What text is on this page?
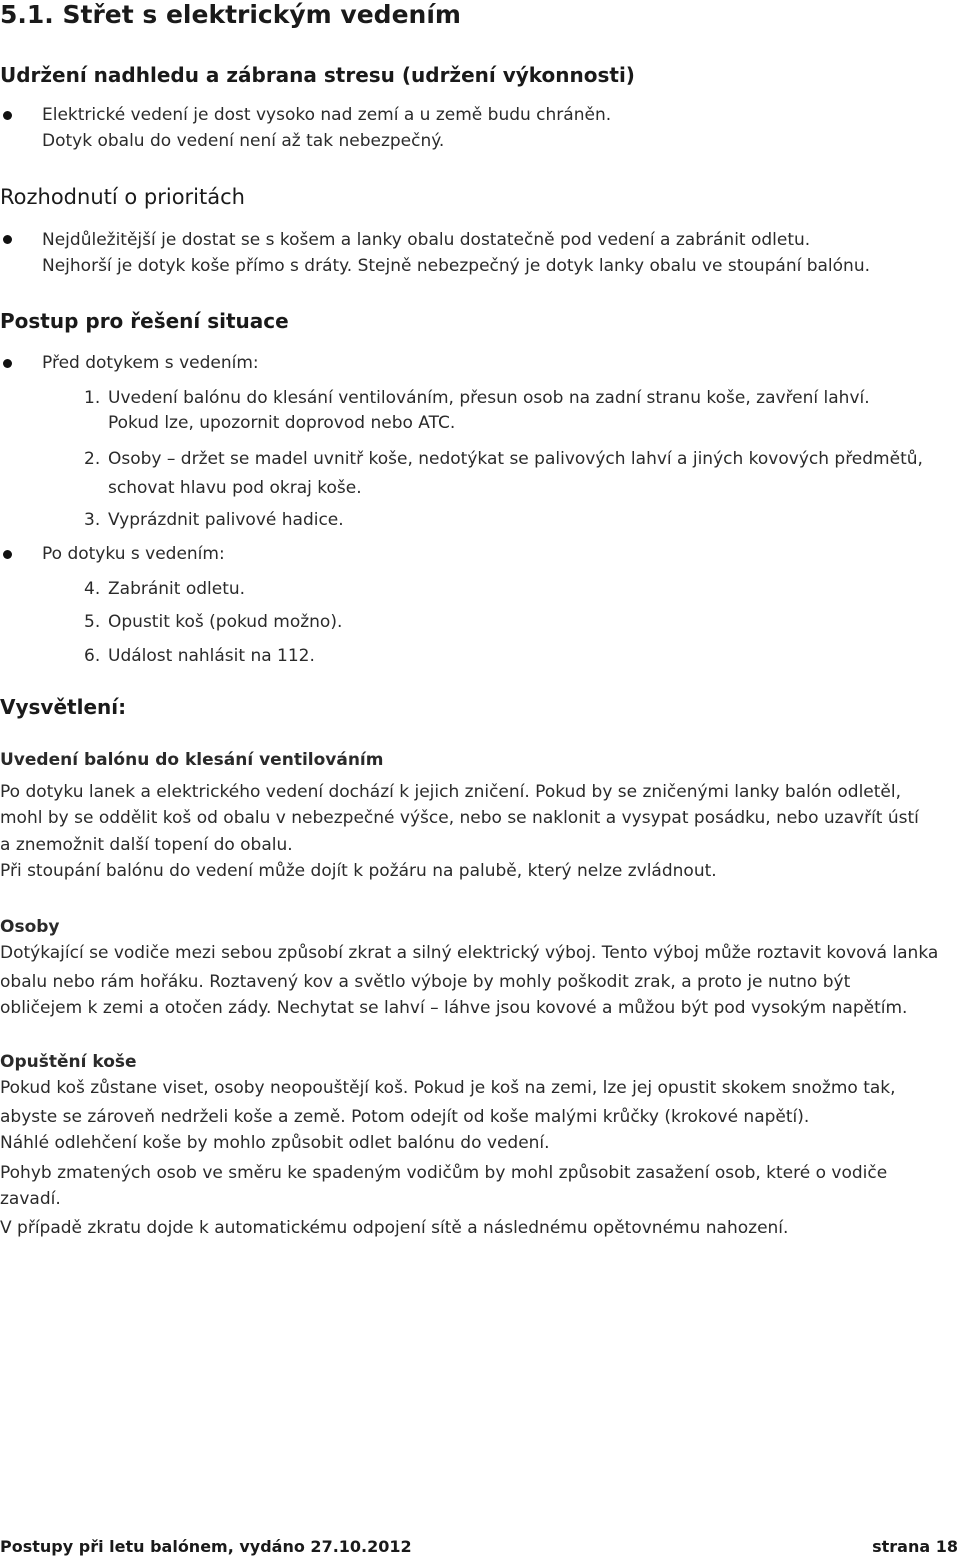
5.1. Střet s elektrickým vedením
Udržení nadhledu a zábrana stresu (udržení výkonnosti)
Elektrické vedení je dost vysoko nad zemí a u země budu chráněn.
Dotyk obalu do vedení není až tak nebezpečný.
Rozhodnutí o prioritách
Nejdůležitější je dostat se s košem a lanky obalu dostatečně pod vedení a zabránit odletu.
Nejhorší je dotyk koše přímo s dráty. Stejně nebezpečný je dotyk lanky obalu ve stoupání balónu.
Postup pro řešení situace
Před dotykem s vedením:
1. Uvedení balónu do klesání ventilováním, přesun osob na zadní stranu koše, zavření lahví.
Pokud lze, upozornit doprovod nebo ATC.
2. Osoby – držet se madel uvnitř koše, nedotýkat se palivových lahví a jiných kovových předmětů,
schovat hlavu pod okraj koše.
3. Vyprázdnit palivové hadice.
Po dotyku s vedením:
4. Zabránit odletu.
5. Opustit koš (pokud možno).
6. Událost nahlásit na 112.
Vysvětlení:
Uvedení balónu do klesání ventilováním
Po dotyku lanek a elektrického vedení dochází k jejich zničení. Pokud by se zničenými lanky balón odletěl,
mohl by se oddělit koš od obalu v nebezpečné výšce, nebo se naklonit a vysypat posádku, nebo uzavřít ústí
a znemožnit další topení do obalu.
Při stoupání balónu do vedení může dojít k požáru na palubě, který nelze zvládnout.
Osoby
Dotýkající se vodiče mezi sebou způsobí zkrat a silný elektrický výboj. Tento výboj může roztavit kovová lanka
obalu nebo rám hořáku. Roztavený kov a světlo výboje by mohly poškodit zrak, a proto je nutno být
obličejem k zemi a otočen zády. Nechytat se lahví – láhve jsou kovové a můžou být pod vysokým napětím.
Opuštění koše
Pokud koš zůstane viset, osoby neopouštějí koš. Pokud je koš na zemi, lze jej opustit skokem snožmo tak,
abyste se zároveň nedrželi koše a země. Potom odejít od koše malými krůčky (krokové napětí).
Náhlé odlehčení koše by mohlo způsobit odlet balónu do vedení.
Pohyb zmatených osob ve směru ke spadeným vodičům by mohl způsobit zasažení osob, které o vodiče
zavadí.
V případě zkratu dojde k automatickému odpojení sítě a následnému opětovnému nahození.
Postupy při letu balónem, vydáno 27.10.2012	strana 18
